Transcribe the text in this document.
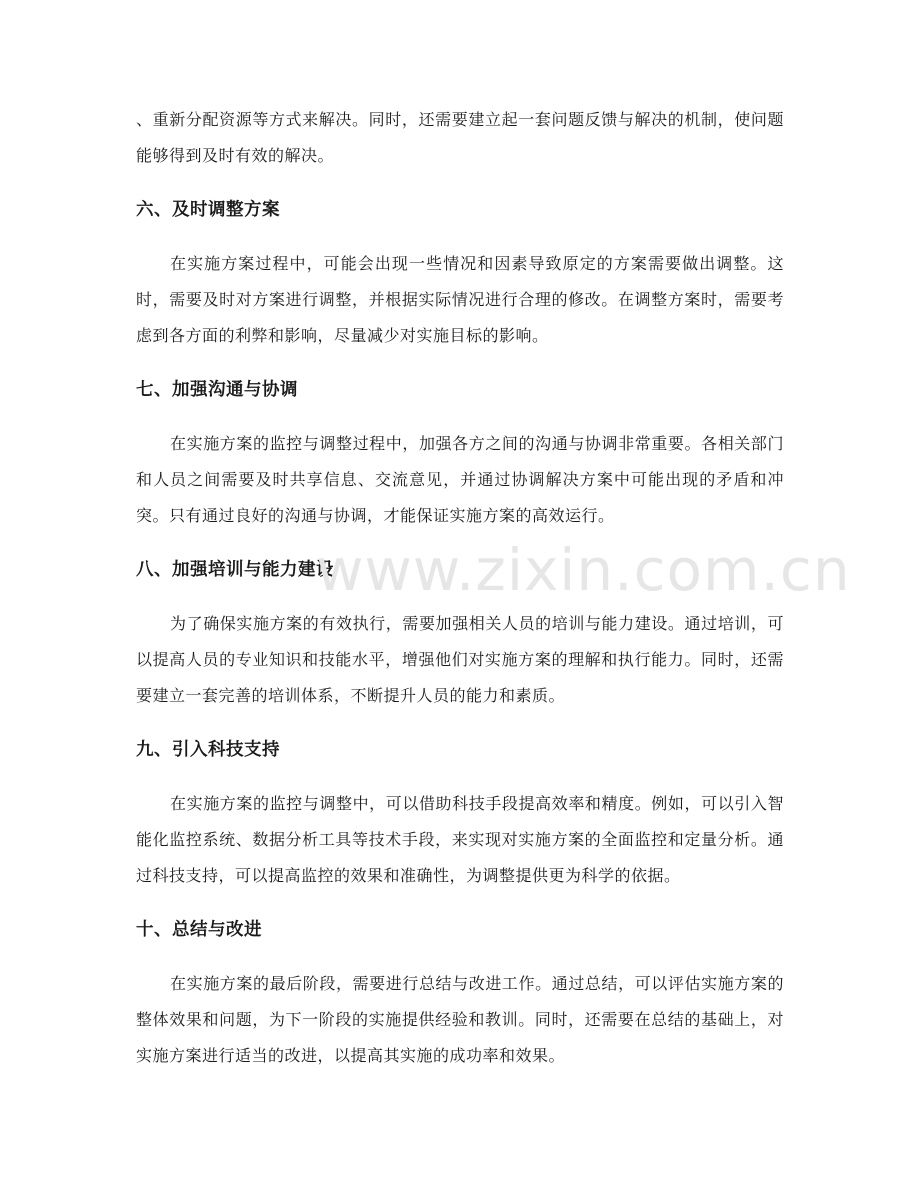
、重新分配资源等方式来解决。同时，还需要建立起一套问题反馈与解决的机制，使问题能够得到及时有效的解决。

六、及时调整方案

在实施方案过程中，可能会出现一些情况和因素导致原定的方案需要做出调整。这时，需要及时对方案进行调整，并根据实际情况进行合理的修改。在调整方案时，需要考虑到各方面的利弊和影响，尽量减少对实施目标的影响。

七、加强沟通与协调

在实施方案的监控与调整过程中，加强各方之间的沟通与协调非常重要。各相关部门和人员之间需要及时共享信息、交流意见，并通过协调解决方案中可能出现的矛盾和冲突。只有通过良好的沟通与协调，才能保证实施方案的高效运行。

八、加强培训与能力建设

为了确保实施方案的有效执行，需要加强相关人员的培训与能力建设。通过培训，可以提高人员的专业知识和技能水平，增强他们对实施方案的理解和执行能力。同时，还需要建立一套完善的培训体系，不断提升人员的能力和素质。

九、引入科技支持

在实施方案的监控与调整中，可以借助科技手段提高效率和精度。例如，可以引入智能化监控系统、数据分析工具等技术手段，来实现对实施方案的全面监控和定量分析。通过科技支持，可以提高监控的效果和准确性，为调整提供更为科学的依据。

十、总结与改进

在实施方案的最后阶段，需要进行总结与改进工作。通过总结，可以评估实施方案的整体效果和问题，为下一阶段的实施提供经验和教训。同时，还需要在总结的基础上，对实施方案进行适当的改进，以提高其实施的成功率和效果。

www.zixin.com.cn
